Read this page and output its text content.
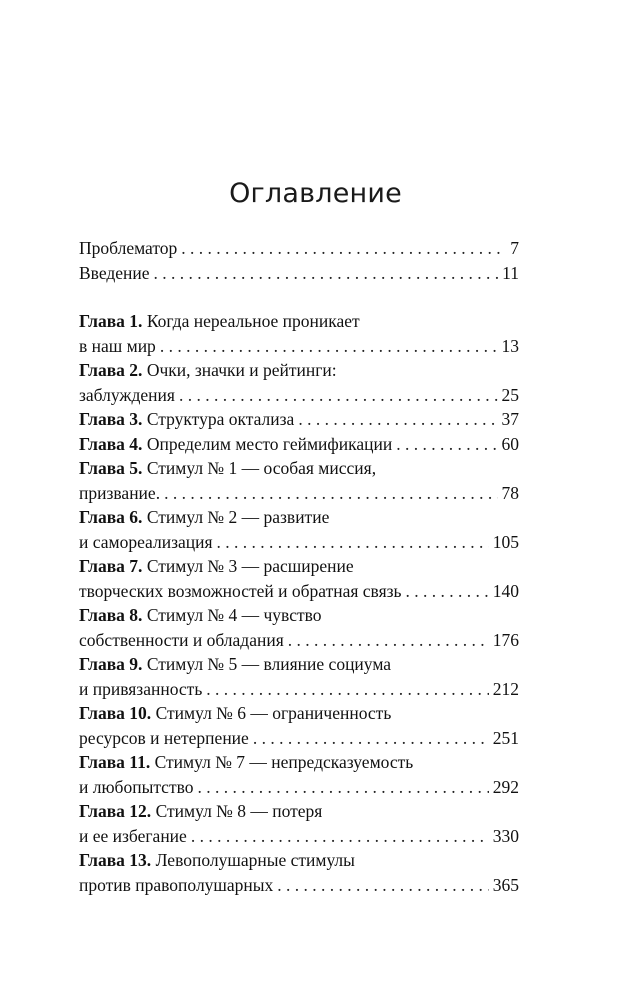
Оглавление
Проблематор . . .	7
Введение . . .	11
Глава 1. Когда нереальное проникает
в наш мир . . .	13
Глава 2. Очки, значки и рейтинги:
заблуждения . . .	25
Глава 3. Структура октализа . . .	37
Глава 4. Определим место геймификации . . .	60
Глава 5. Стимул № 1 — особая миссия,
призвание. . . .	78
Глава 6. Стимул № 2 — развитие
и самореализация . . .	105
Глава 7. Стимул № 3 — расширение
творческих возможностей и обратная связь . . .	140
Глава 8. Стимул № 4 — чувство
собственности и обладания . . .	176
Глава 9. Стимул № 5 — влияние социума
и привязанность . . .	212
Глава 10. Стимул № 6 — ограниченность
ресурсов и нетерпение . . .	251
Глава 11. Стимул № 7 — непредсказуемость
и любопытство . . .	292
Глава 12. Стимул № 8 — потеря
и ее избегание . . .	330
Глава 13. Левополушарные стимулы
против правополушарных . . .	365
